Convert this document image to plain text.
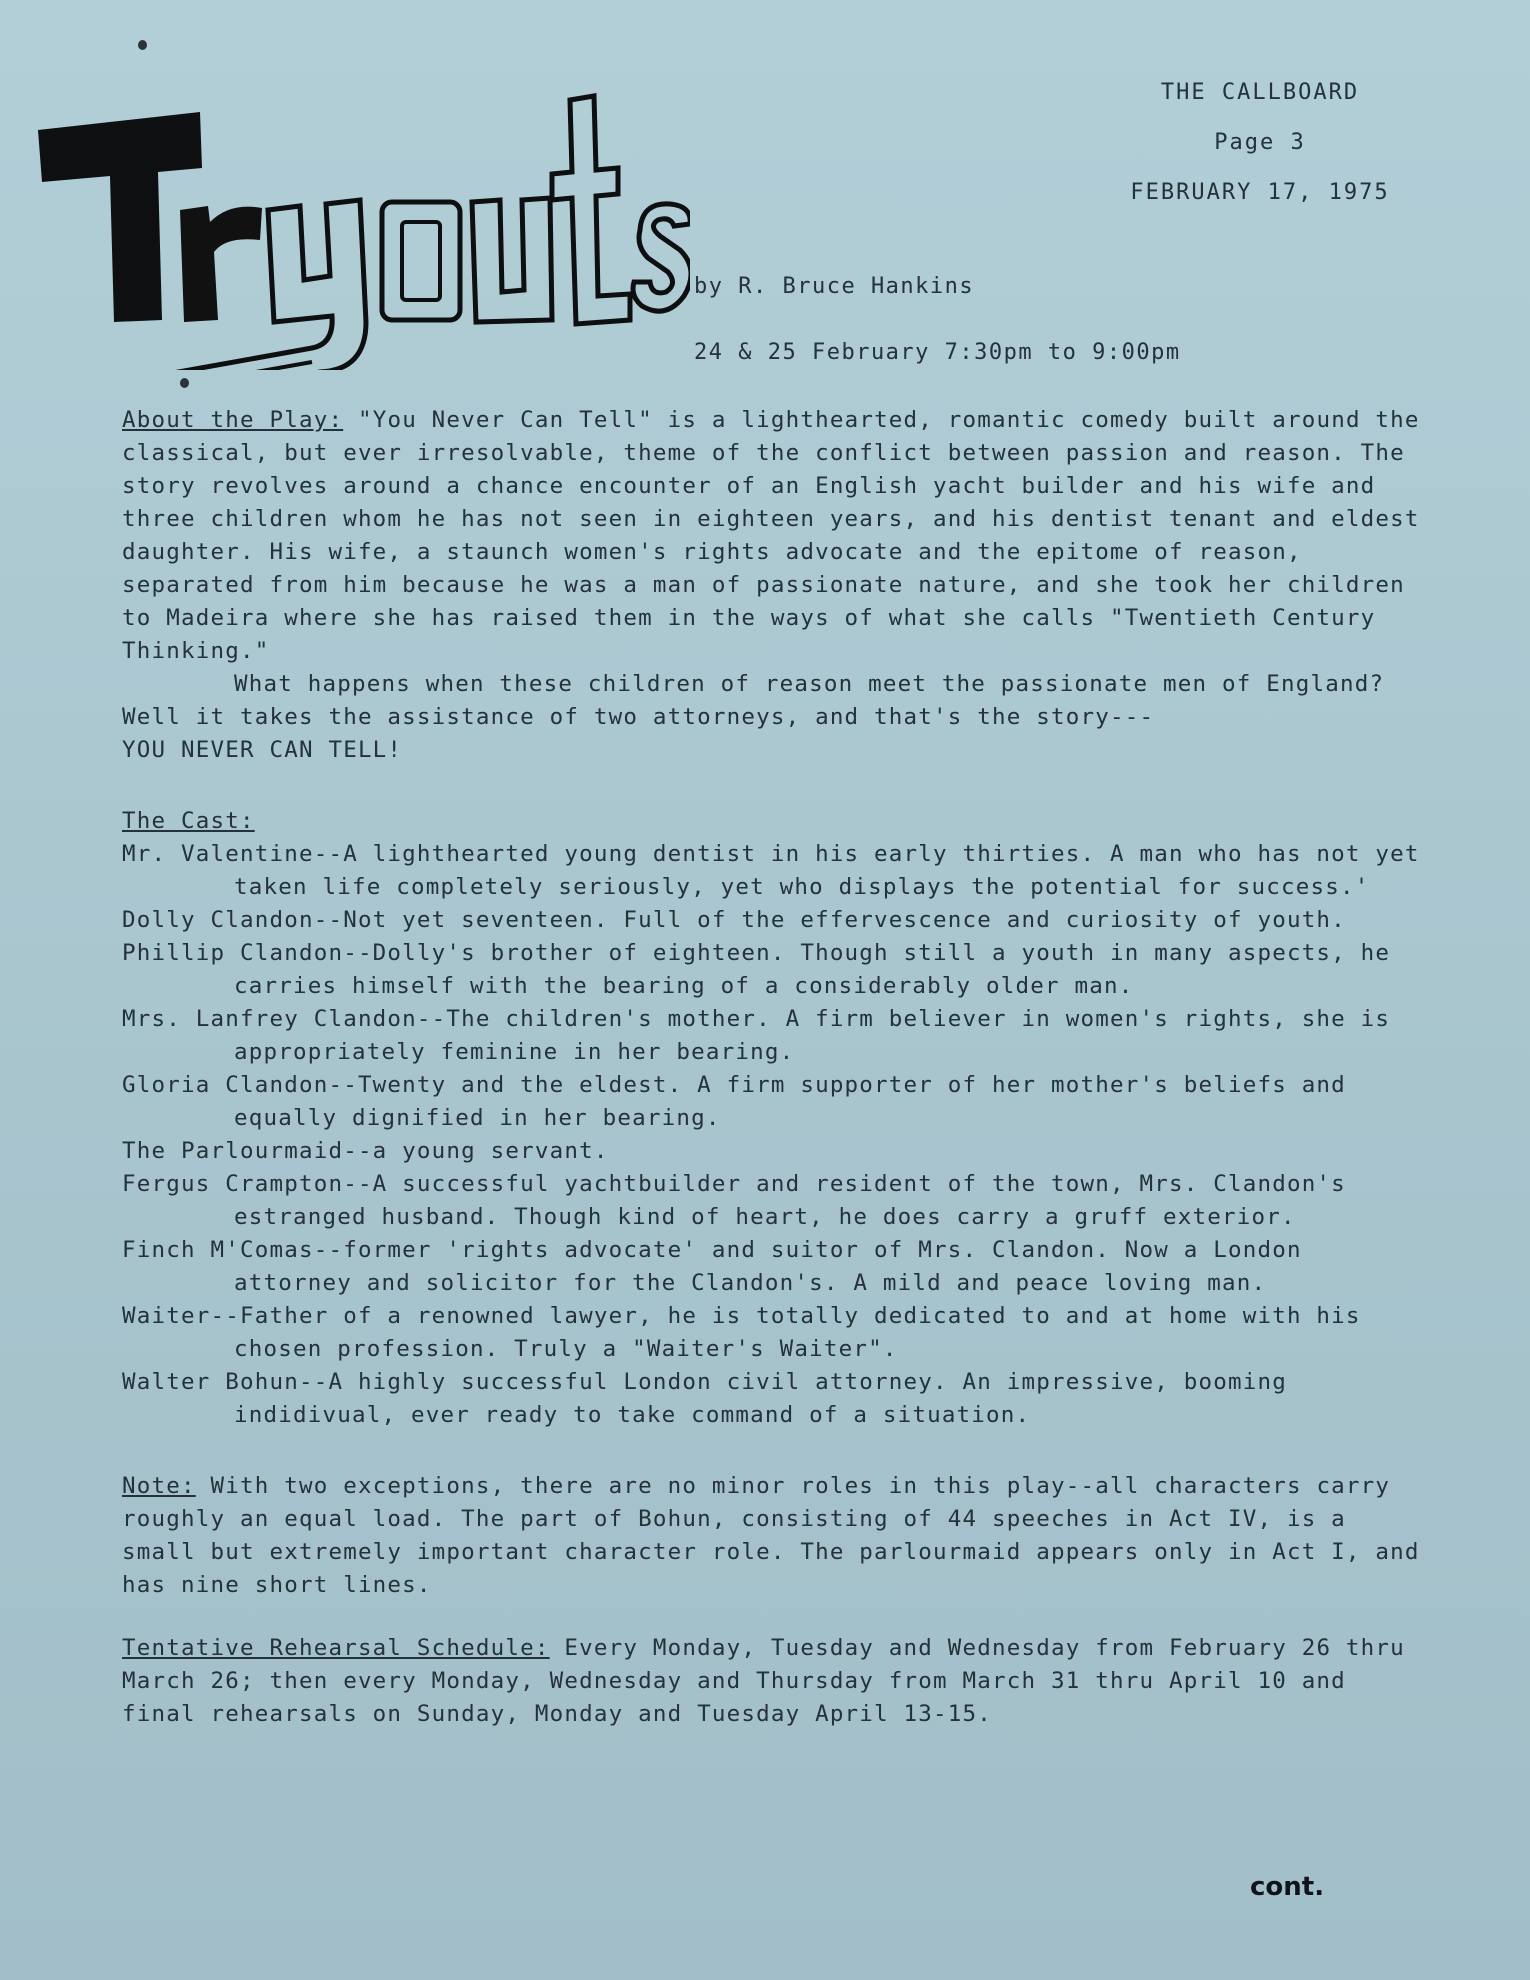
THE CALLBOARD
Page 3
FEBRUARY 17, 1975
by R. Bruce Hankins
24 & 25 February 7:30pm to 9:00pm

About the Play: "You Never Can Tell" is a lighthearted, romantic comedy built around the classical, but ever irresolvable, theme of the conflict between passion and reason. The story revolves around a chance encounter of an English yacht builder and his wife and three children whom he has not seen in eighteen years, and his dentist tenant and eldest daughter. His wife, a staunch women's rights advocate and the epitome of reason, separated from him because he was a man of passionate nature, and she took her children to Madeira where she has raised them in the ways of what she calls "Twentieth Century Thinking."

What happens when these children of reason meet the passionate men of England? Well it takes the assistance of two attorneys, and that's the story---

YOU NEVER CAN TELL!

The Cast:

Mr. Valentine--A lighthearted young dentist in his early thirties. A man who has not yet taken life completely seriously, yet who displays the potential for success.'

Dolly Clandon--Not yet seventeen. Full of the effervescence and curiosity of youth.

Phillip Clandon--Dolly's brother of eighteen. Though still a youth in many aspects, he carries himself with the bearing of a considerably older man.

Mrs. Lanfrey Clandon--The children's mother. A firm believer in women's rights, she is appropriately feminine in her bearing.

Gloria Clandon--Twenty and the eldest. A firm supporter of her mother's beliefs and equally dignified in her bearing.

The Parlourmaid--a young servant.

Fergus Crampton--A successful yachtbuilder and resident of the town, Mrs. Clandon's estranged husband. Though kind of heart, he does carry a gruff exterior.

Finch M'Comas--former 'rights advocate' and suitor of Mrs. Clandon. Now a London attorney and solicitor for the Clandon's. A mild and peace loving man.

Waiter--Father of a renowned lawyer, he is totally dedicated to and at home with his chosen profession. Truly a "Waiter's Waiter".

Walter Bohun--A highly successful London civil attorney. An impressive, booming indidivual, ever ready to take command of a situation.

Note: With two exceptions, there are no minor roles in this play--all characters carry roughly an equal load. The part of Bohun, consisting of 44 speeches in Act IV, is a small but extremely important character role. The parlourmaid appears only in Act I, and has nine short lines.

Tentative Rehearsal Schedule: Every Monday, Tuesday and Wednesday from February 26 thru March 26; then every Monday, Wednesday and Thursday from March 31 thru April 10 and final rehearsals on Sunday, Monday and Tuesday April 13-15.

cont.
